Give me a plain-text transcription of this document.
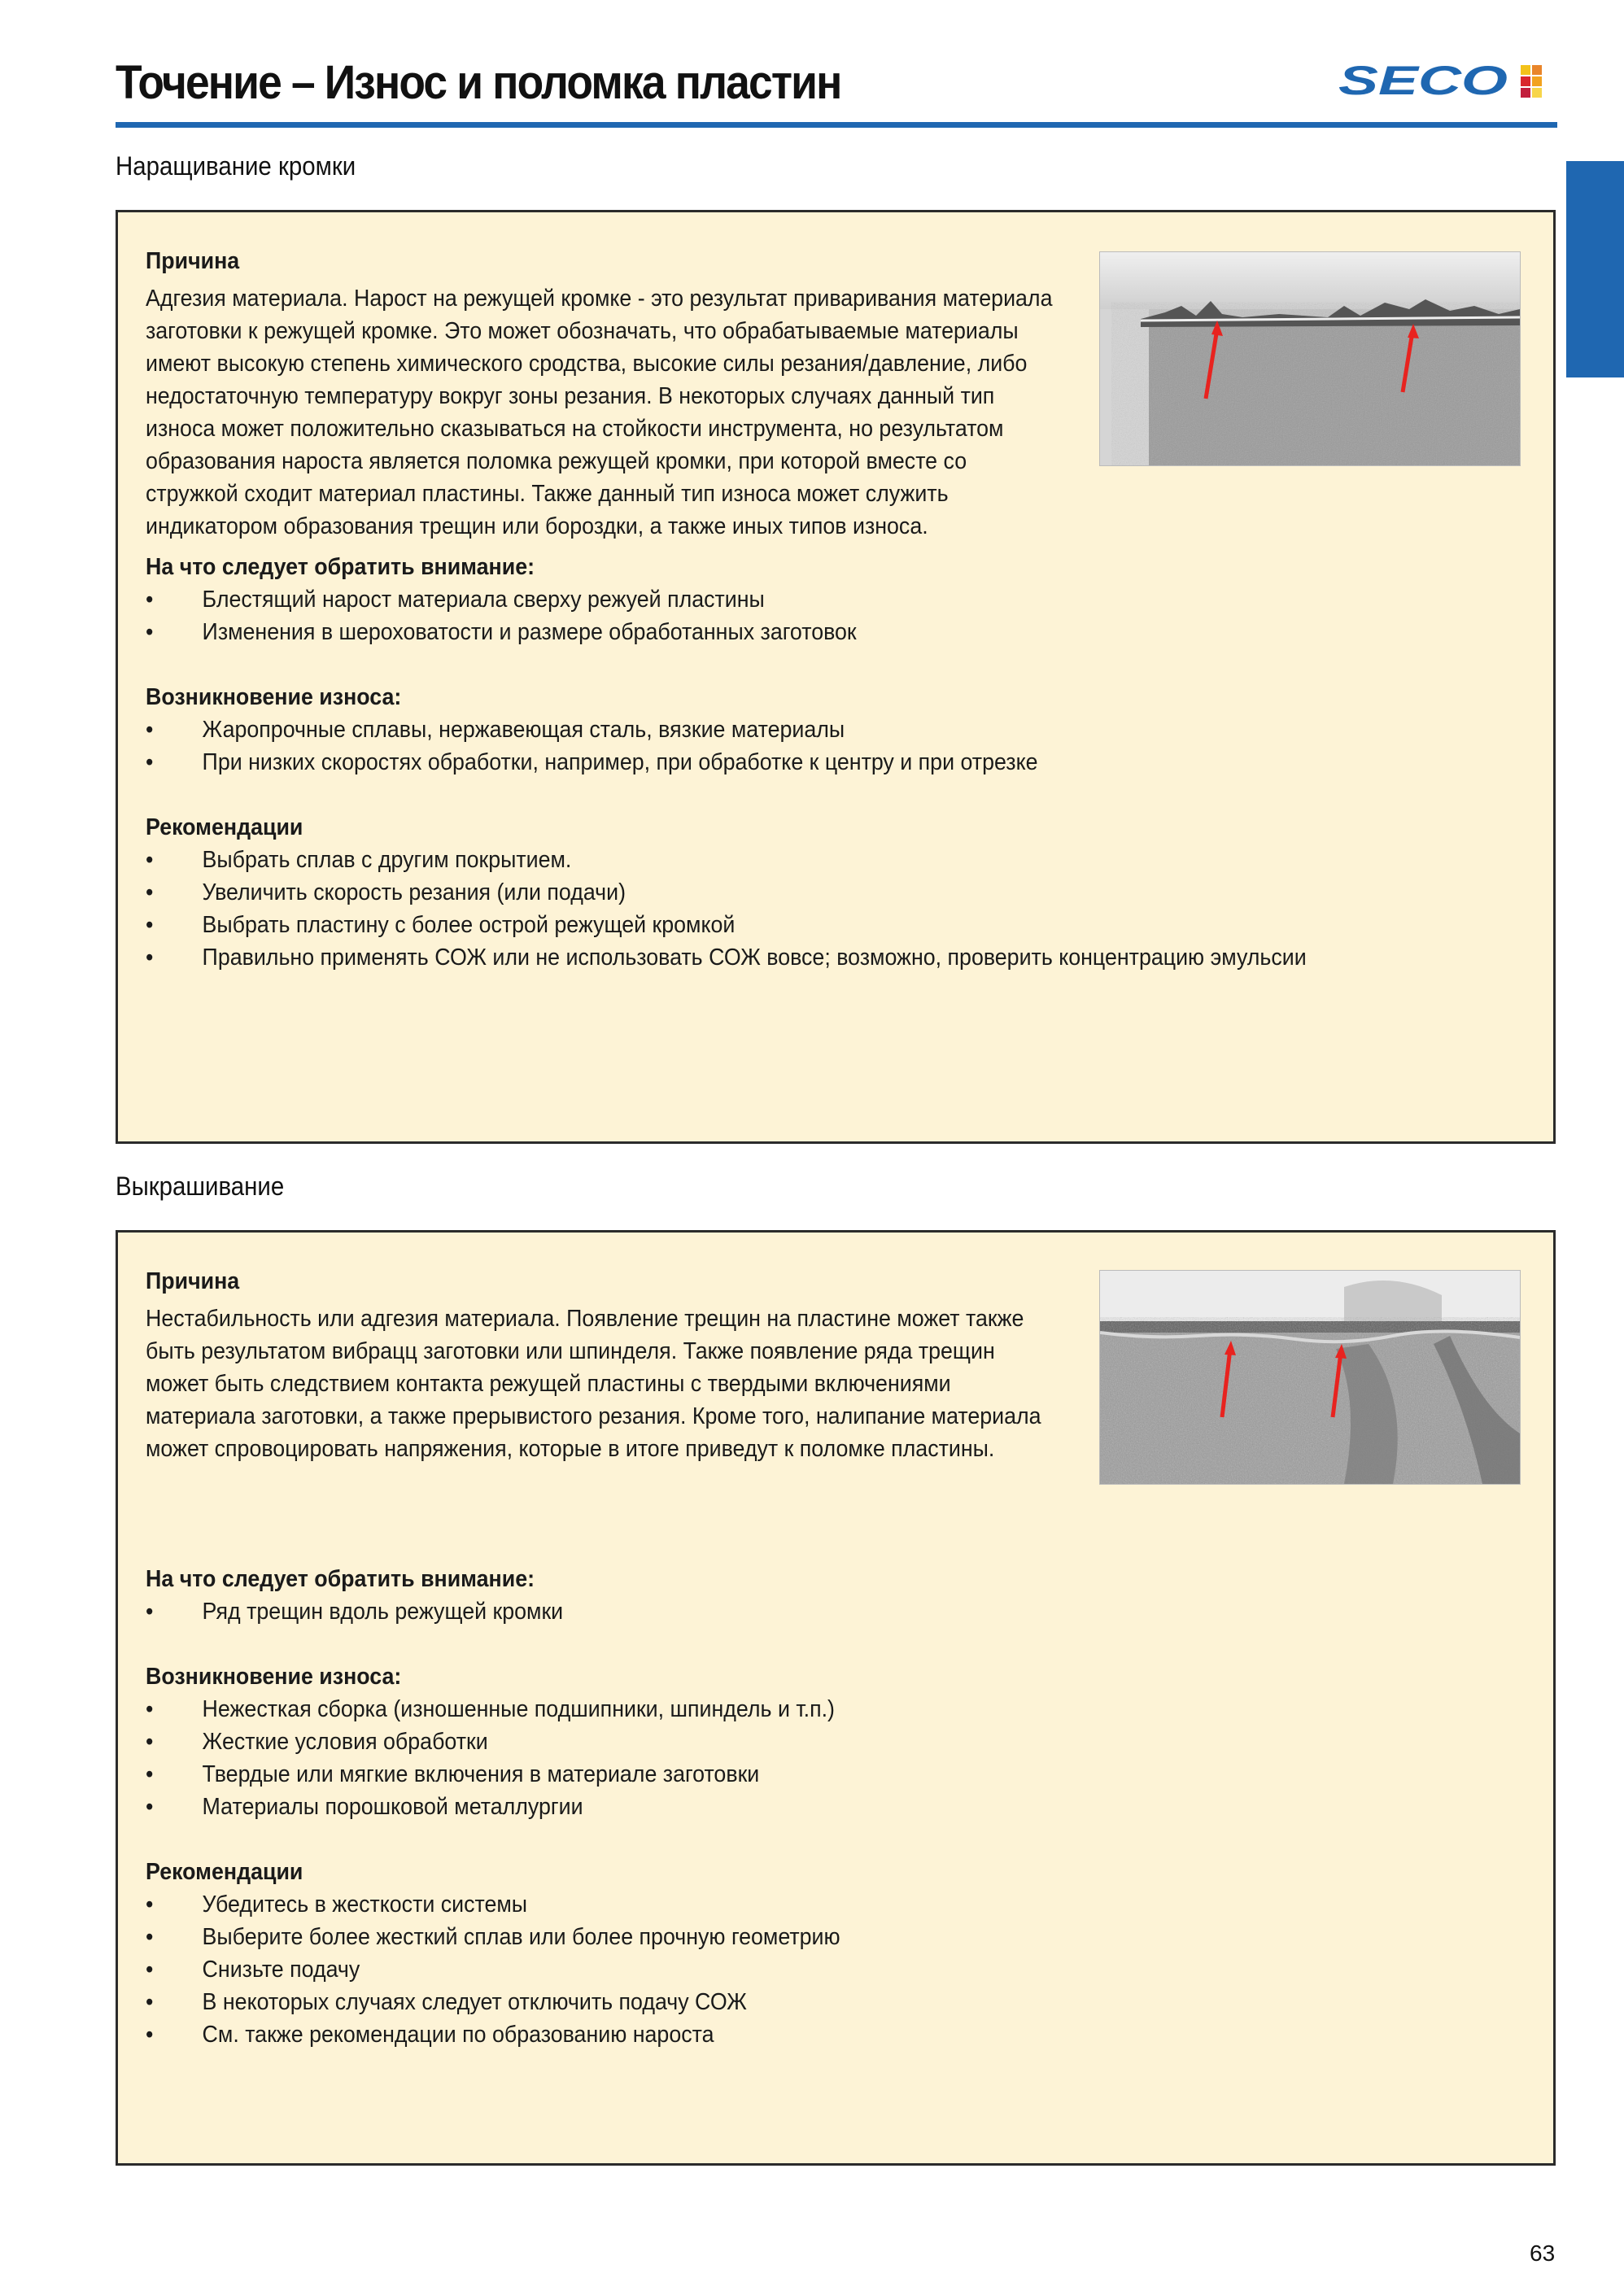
Точение – Износ и поломка пластин	SECO
Наращивание кромки
Причина
Адгезия материала. Нарост на режущей кромке - это результат приваривания материала заготовки к режущей кромке. Это может обозначать, что обрабатываемые материалы имеют высокую степень химического сродства, высокие силы резания/давление, либо недостаточную температуру вокруг зоны резания. В некоторых случаях данный тип износа может положительно сказываться на стойкости инструмента, но результатом образования нароста является поломка режущей кромки, при которой вместе со стружкой сходит материал пластины. Также данный тип износа может служить индикатором образования трещин или бороздки, а также иных типов износа.
На что следует обратить внимание:
• Блестящий нарост материала сверху режуей пластины
• Изменения в шероховатости и размере обработанных заготовок
Возникновение износа:
• Жаропрочные сплавы, нержавеющая сталь, вязкие материалы
• При низких скоростях обработки, например, при обработке к центру и при отрезке
Рекомендации
• Выбрать сплав с другим покрытием.
• Увеличить скорость резания (или подачи)
• Выбрать пластину с более острой режущей кромкой
• Правильно применять СОЖ или не использовать СОЖ вовсе; возможно, проверить концентрацию эмульсии
Выкрашивание
Причина
Нестабильность или адгезия материала. Появление трещин на пластине может также быть результатом вибрацц заготовки или шпинделя. Также появление ряда трещин может быть следствием контакта режущей пластины с твердыми включениями материала заготовки, а также прерывистого резания. Кроме того, налипание материала может спровоцировать напряжения, которые в итоге приведут к поломке пластины.
На что следует обратить внимание:
• Ряд трещин вдоль режущей кромки
Возникновение износа:
• Нежесткая сборка (изношенные подшипники, шпиндель и т.п.)
• Жесткие условия обработки
• Твердые или мягкие включения в материале заготовки
• Материалы порошковой металлургии
Рекомендации
• Убедитесь в жесткости системы
• Выберите более жесткий сплав или более прочную геометрию
• Снизьте подачу
• В некоторых случаях следует отключить подачу СОЖ
• См. также рекомендации по образованию нароста
63
